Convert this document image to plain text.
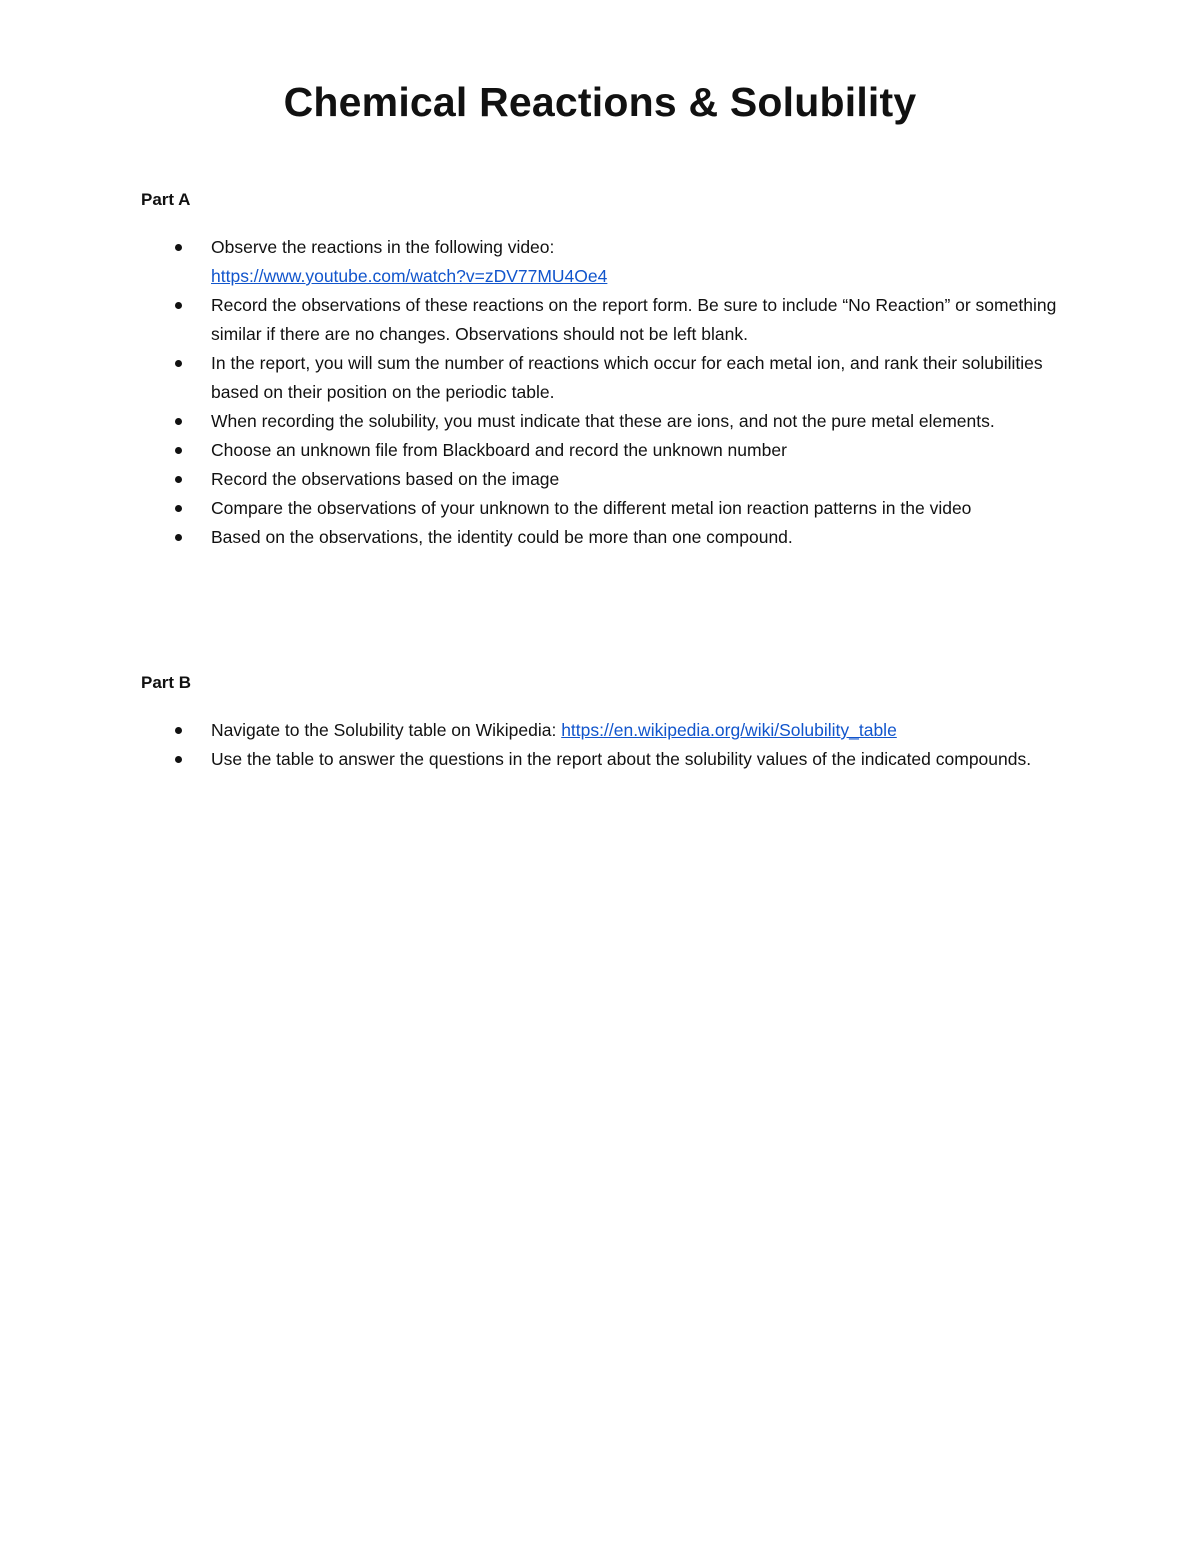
Chemical Reactions & Solubility
Part A
Observe the reactions in the following video:
https://www.youtube.com/watch?v=zDV77MU4Oe4
Record the observations of these reactions on the report form. Be sure to include “No Reaction” or something similar if there are no changes. Observations should not be left blank.
In the report, you will sum the number of reactions which occur for each metal ion, and rank their solubilities based on their position on the periodic table.
When recording the solubility, you must indicate that these are ions, and not the pure metal elements.
Choose an unknown file from Blackboard and record the unknown number
Record the observations based on the image
Compare the observations of your unknown to the different metal ion reaction patterns in the video
Based on the observations, the identity could be more than one compound.
Part B
Navigate to the Solubility table on Wikipedia: https://en.wikipedia.org/wiki/Solubility_table
Use the table to answer the questions in the report about the solubility values of the indicated compounds.
